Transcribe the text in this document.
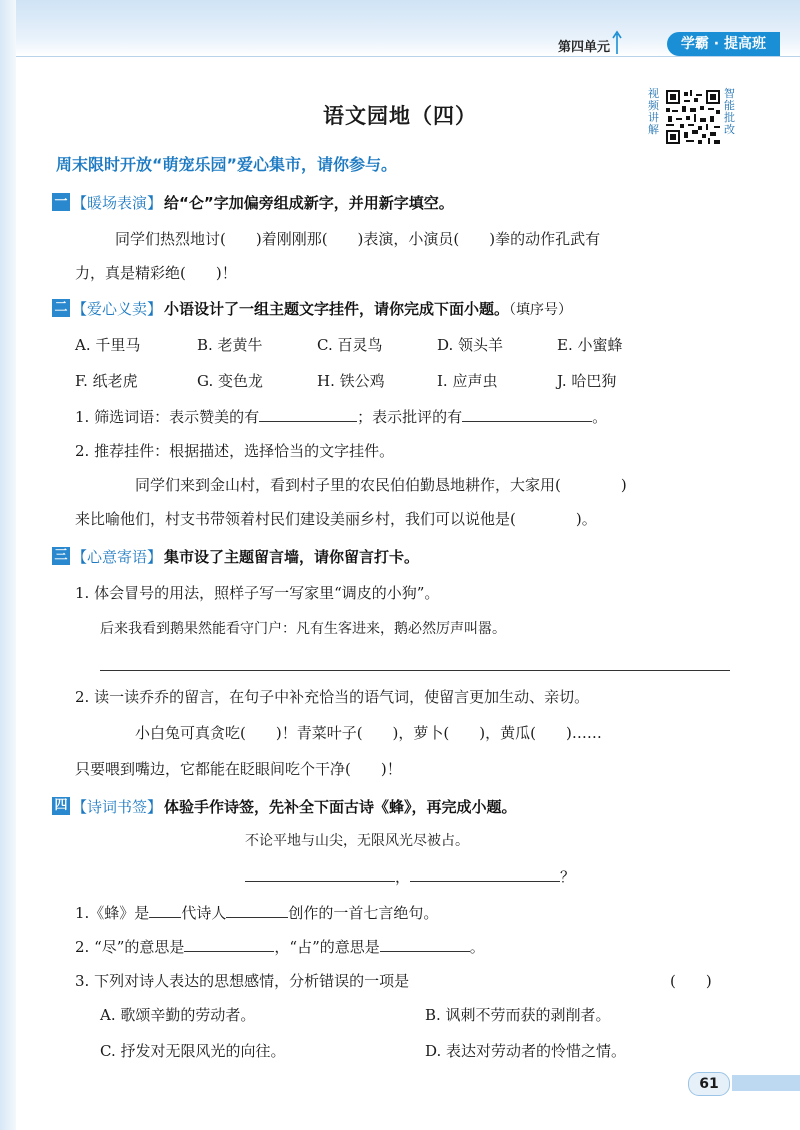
第四单元	学霸 · 提高班
语文园地（四）
视频讲解
智能批改
周末限时开放“萌宠乐园”爱心集市，请你参与。
一 【暖场表演】 给“仑”字加偏旁组成新字，并用新字填空。
同学们热烈地讨(　　)着刚刚那(　　)表演，小演员(　　)拳的动作孔武有
力，真是精彩绝(　　)！
二 【爱心义卖】 小语设计了一组主题文字挂件，请你完成下面小题。（填序号）
A. 千里马	B. 老黄牛	C. 百灵鸟	D. 领头羊	E. 小蜜蜂
F. 纸老虎	G. 变色龙	H. 铁公鸡	I. 应声虫	J. 哈巴狗
1. 筛选词语：表示赞美的有	；表示批评的有	。
2. 推荐挂件：根据描述，选择恰当的文字挂件。
同学们来到金山村，看到村子里的农民伯伯勤恳地耕作，大家用(　　　　)
来比喻他们，村支书带领着村民们建设美丽乡村，我们可以说他是(　　　　)。
三 【心意寄语】 集市设了主题留言墙，请你留言打卡。
1. 体会冒号的用法，照样子写一写家里“调皮的小狗”。
后来我看到鹅果然能看守门户：凡有生客进来，鹅必然厉声叫嚣。
2. 读一读乔乔的留言，在句子中补充恰当的语气词，使留言更加生动、亲切。
小白兔可真贪吃(　　)！青菜叶子(　　)，萝卜(　　)，黄瓜(　　)……
只要喂到嘴边，它都能在眨眼间吃个干净(　　)！
四 【诗词书签】 体验手作诗签，先补全下面古诗《蜂》，再完成小题。
不论平地与山尖，无限风光尽被占。
，	？
1.《蜂》是 代诗人	创作的一首七言绝句。
2. “尽”的意思是	，“占”的意思是	。
3. 下列对诗人表达的思想感情，分析错误的一项是	(　　)
A. 歌颂辛勤的劳动者。	B. 讽刺不劳而获的剥削者。
C. 抒发对无限风光的向往。	D. 表达对劳动者的怜惜之情。
61
